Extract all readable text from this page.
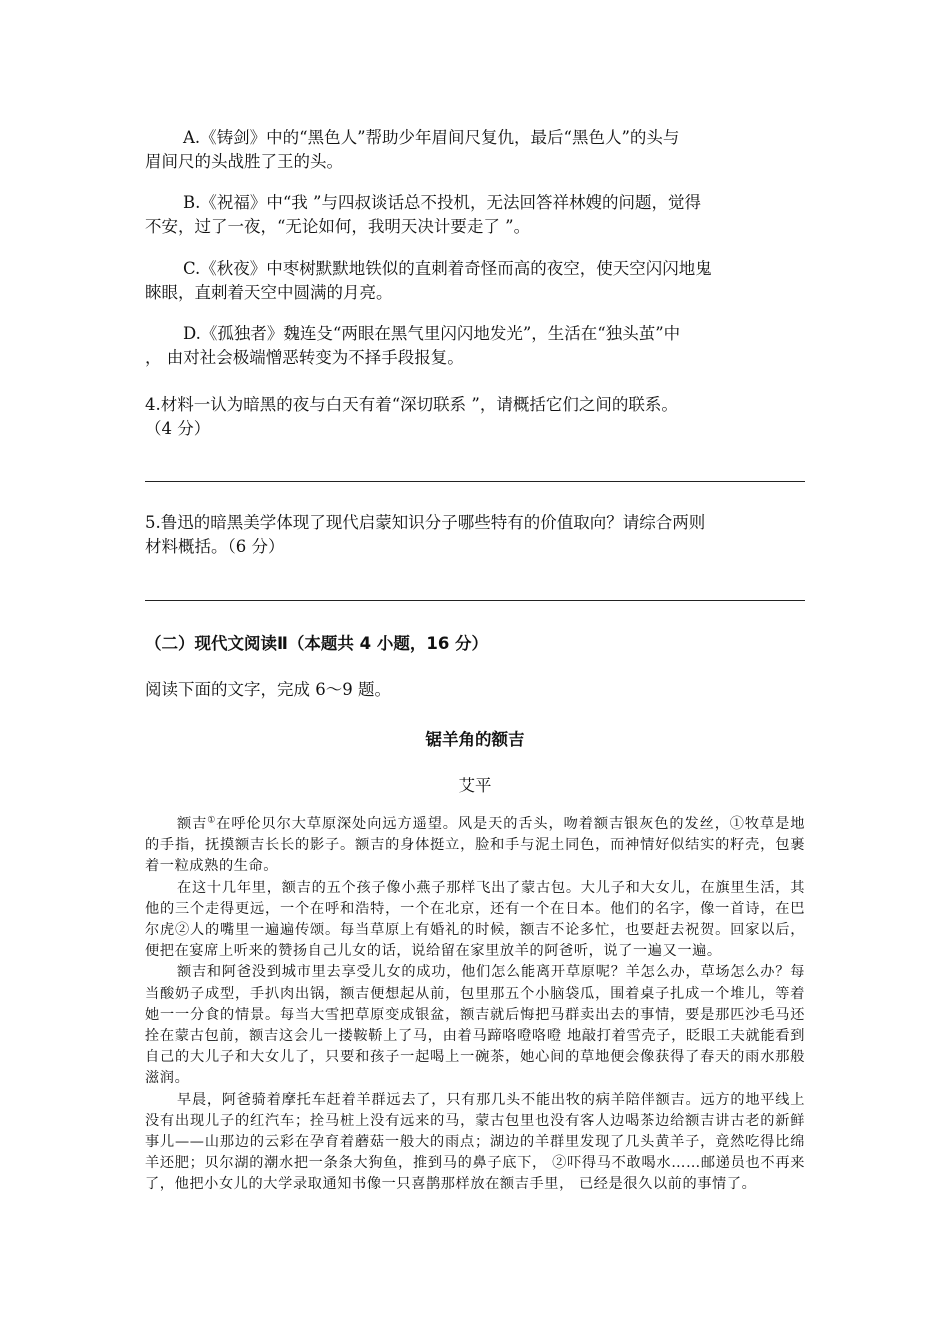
A.《铸剑》中的“黑色人”帮助少年眉间尺复仇，最后“黑色人”的头与
眉间尺的头战胜了王的头。

B.《祝福》中“我 ”与四叔谈话总不投机，无法回答祥林嫂的问题，觉得
不安，过了一夜，“无论如何，我明天决计要走了 ”。

C.《秋夜》中枣树默默地铁似的直刺着奇怪而高的夜空，使天空闪闪地鬼
睞眼，直刺着天空中圆满的月亮。

D.《孤独者》魏连殳“两眼在黑气里闪闪地发光”，生活在“独头茧”中
， 由对社会极端憎恶转变为不择手段报复。

4.材料一认为暗黑的夜与白天有着“深切联系 ”，请概括它们之间的联系。
（4 分）

5.鲁迅的暗黑美学体现了现代启蒙知识分子哪些特有的价值取向？请综合两则
材料概括。（6 分）

（二）现代文阅读Ⅱ（本题共 4 小题，16 分）
阅读下面的文字，完成 6～9 题。
锯羊角的额吉
艾平

额吉①在呼伦贝尔大草原深处向远方遥望。风是天的舌头，吻着额吉银灰色的发丝，①牧草是地的手指，抚摸额吉长长的影子。额吉的身体挺立，脸和手与泥土同色，而神情好似结实的籽壳，包裹着一粒成熟的生命。

在这十几年里，额吉的五个孩子像小燕子那样飞出了蒙古包。大儿子和大女儿，在旗里生活，其他的三个走得更远，一个在呼和浩特，一个在北京，还有一个在日本。他们的名字，像一首诗，在巴尔虎②人的嘴里一遍遍传颂。每当草原上有婚礼的时候，额吉不论多忙，也要赶去祝贺。回家以后，便把在宴席上听来的赞扬自己儿女的话，说给留在家里放羊的阿爸听，说了一遍又一遍。

额吉和阿爸没到城市里去享受儿女的成功，他们怎么能离开草原呢？羊怎么办，草场怎么办？每当酸奶子成型，手扒肉出锅，额吉便想起从前，包里那五个小脑袋瓜，围着桌子扎成一个堆儿，等着她一一分食的情景。每当大雪把草原变成银盆，额吉就后悔把马群卖出去的事情，要是那匹沙毛马还拴在蒙古包前，额吉这会儿一搂鞍鞒上了马，由着马蹄咯噔咯噔 地敲打着雪壳子，眨眼工夫就能看到自己的大儿子和大女儿了，只要和孩子一起喝上一碗茶，她心间的草地便会像获得了春天的雨水那般滋润。

早晨，阿爸骑着摩托车赶着羊群远去了，只有那几头不能出牧的病羊陪伴额吉。远方的地平线上没有出现儿子的红汽车；拴马桩上没有远来的马，蒙古包里也没有客人边喝茶边给额吉讲古老的新鲜事儿——山那边的云彩在孕育着蘑菇一般大的雨点；湖边的羊群里发现了几头黄羊子，竟然吃得比绵羊还肥；贝尔湖的潮水把一条条大狗鱼，推到马的鼻子底下， ②吓得马不敢喝水……邮递员也不再来了，他把小女儿的大学录取通知书像一只喜鹊那样放在额吉手里， 已经是很久以前的事情了。
